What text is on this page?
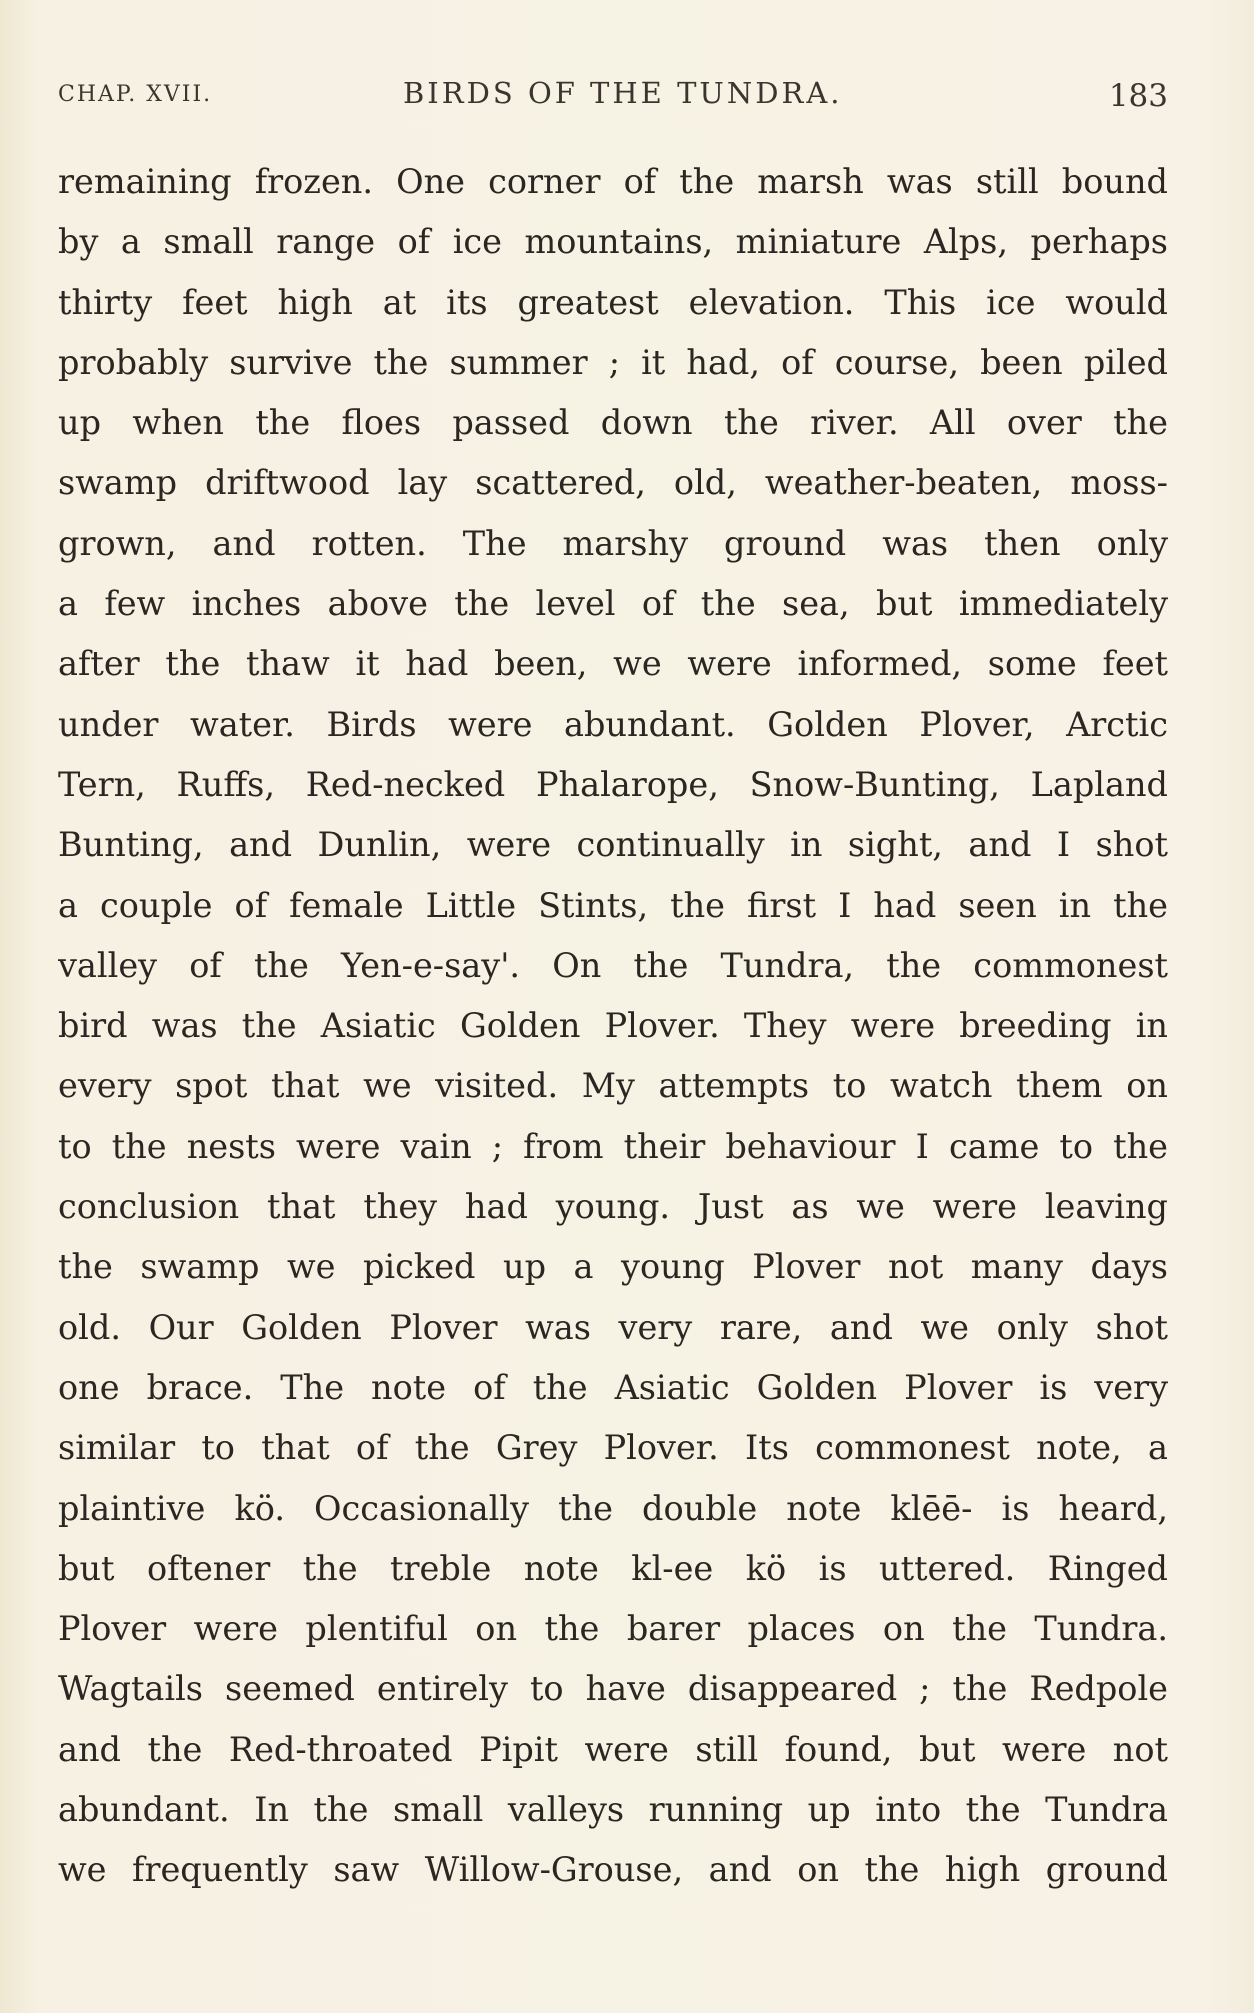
CHAP. XVII.	BIRDS OF THE TUNDRA.	183
remaining frozen. One corner of the marsh was still bound
by a small range of ice mountains, miniature Alps, perhaps
thirty feet high at its greatest elevation. This ice would
probably survive the summer ; it had, of course, been piled
up when the floes passed down the river. All over the
swamp driftwood lay scattered, old, weather-beaten, moss-
grown, and rotten. The marshy ground was then only
a few inches above the level of the sea, but immediately
after the thaw it had been, we were informed, some feet
under water. Birds were abundant. Golden Plover, Arctic
Tern, Ruffs, Red-necked Phalarope, Snow-Bunting, Lapland
Bunting, and Dunlin, were continually in sight, and I shot
a couple of female Little Stints, the first I had seen in the
valley of the Yen-e-say'. On the Tundra, the commonest
bird was the Asiatic Golden Plover. They were breeding in
every spot that we visited. My attempts to watch them on
to the nests were vain ; from their behaviour I came to the
conclusion that they had young. Just as we were leaving
the swamp we picked up a young Plover not many days
old. Our Golden Plover was very rare, and we only shot
one brace. The note of the Asiatic Golden Plover is very
similar to that of the Grey Plover. Its commonest note, a
plaintive kö. Occasionally the double note klēē- is heard,
but oftener the treble note kl-ee kö is uttered. Ringed
Plover were plentiful on the barer places on the Tundra.
Wagtails seemed entirely to have disappeared ; the Redpole
and the Red-throated Pipit were still found, but were not
abundant. In the small valleys running up into the Tundra
we frequently saw Willow-Grouse, and on the high ground
